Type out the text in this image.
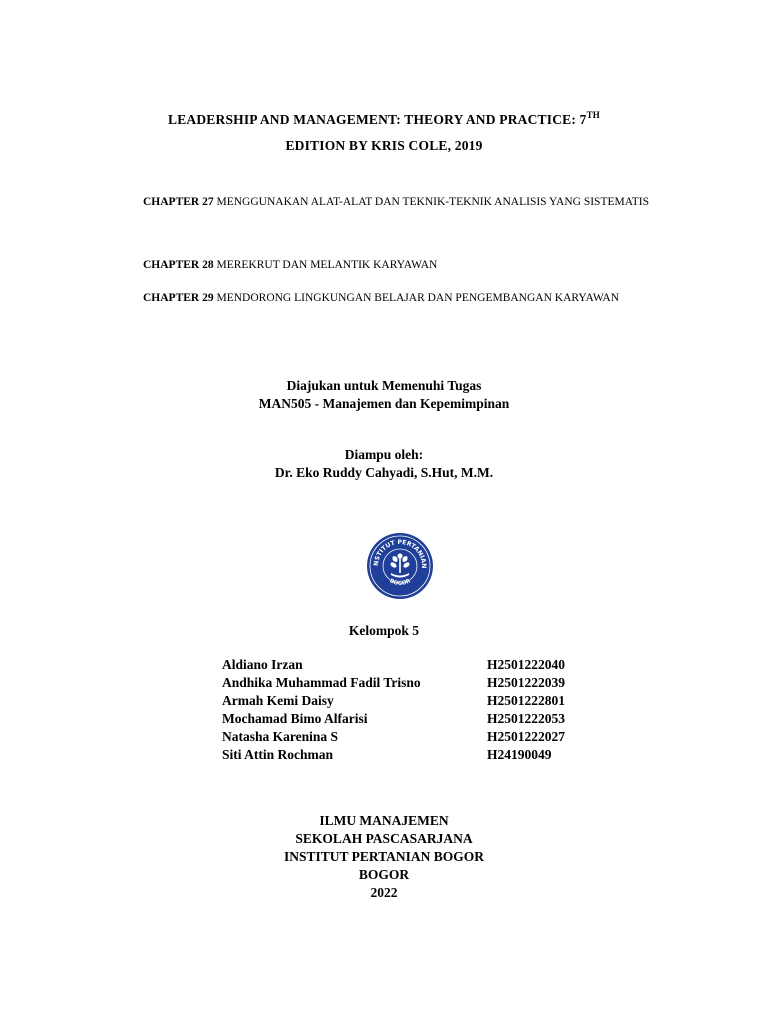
LEADERSHIP AND MANAGEMENT: THEORY AND PRACTICE: 7TH
EDITION BY KRIS COLE, 2019
CHAPTER 27 MENGGUNAKAN ALAT-ALAT DAN TEKNIK-TEKNIK ANALISIS YANG SISTEMATIS
CHAPTER 28 MEREKRUT DAN MELANTIK KARYAWAN
CHAPTER 29 MENDORONG LINGKUNGAN BELAJAR DAN PENGEMBANGAN KARYAWAN
Diajukan untuk Memenuhi Tugas
MAN505 - Manajemen dan Kepemimpinan
Diampu oleh:
Dr. Eko Ruddy Cahyadi, S.Hut, M.M.
NSTITUT PERTANIAN
BOGOR
Kelompok 5
Aldiano Irzan	H2501222040
Andhika Muhammad Fadil Trisno	H2501222039
Armah Kemi Daisy	H2501222801
Mochamad Bimo Alfarisi	H2501222053
Natasha Karenina S	H2501222027
Siti Attin Rochman	H24190049
ILMU MANAJEMEN
SEKOLAH PASCASARJANA
INSTITUT PERTANIAN BOGOR
BOGOR
2022
